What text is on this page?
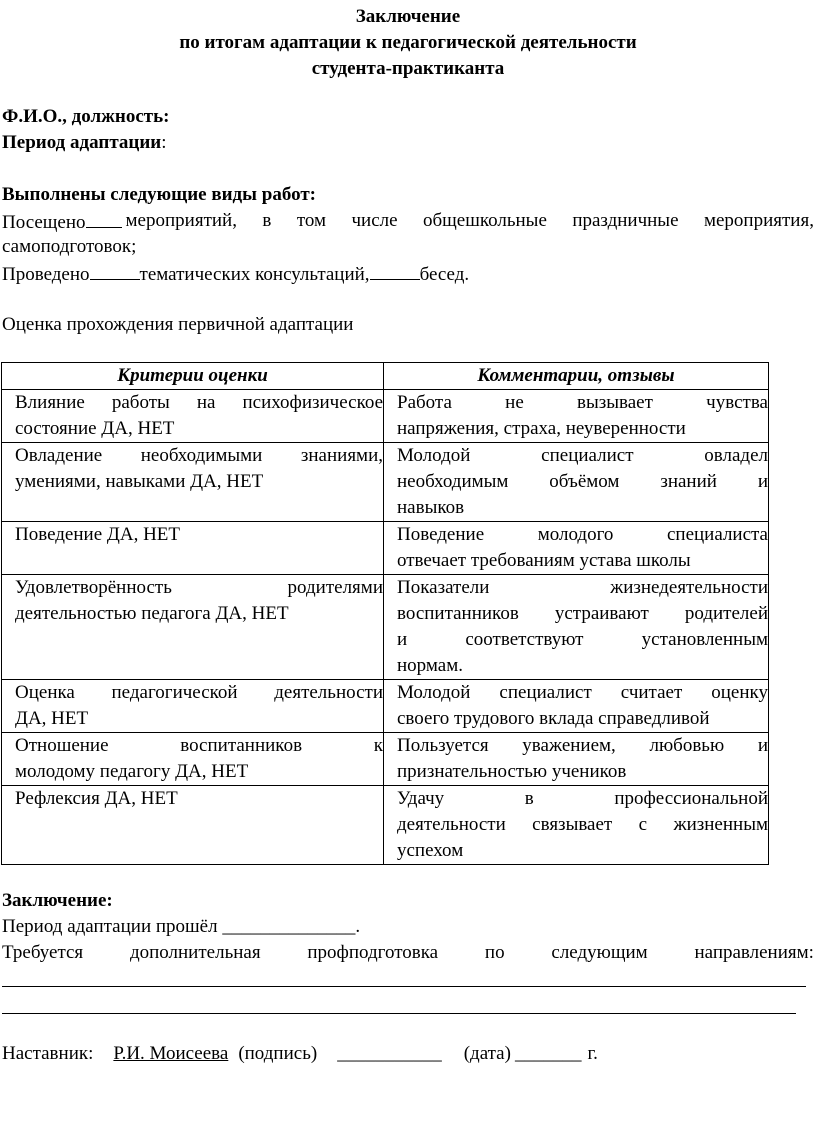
Заключение
по итогам адаптации к педагогической деятельности
студента-практиканта
Ф.И.О., должность:
Период адаптации:
Выполнены следующие виды работ:
Посещено	мероприятий, в том числе общешкольные праздничные мероприятия,
самоподготовок;
Проведено	тематических консультаций,	бесед.
Оценка прохождения первичной адаптации
Критерии оценки	Комментарии, отзывы

Влияние работы на психофизическое
состояние ДА, НЕТ	Работа не вызывает чувства
напряжения, страха, неуверенности

Овладение необходимыми знаниями,
умениями, навыками ДА, НЕТ	Молодой специалист овладел
необходимым объёмом знаний и
навыков

Поведение ДА, НЕТ	Поведение молодого специалиста
отвечает требованиям устава школы

Удовлетворённость родителями
деятельностью педагога ДА, НЕТ	Показатели жизнедеятельности
воспитанников устраивают родителей
и соответствуют установленным
нормам.

Оценка педагогической деятельности
ДА, НЕТ	Молодой специалист считает оценку
своего трудового вклада справедливой

Отношение воспитанников к
молодому педагогу ДА, НЕТ	Пользуется уважением, любовью и
признательностью учеников

Рефлексия ДА, НЕТ	Удачу в профессиональной
деятельности связывает с жизненным
успехом
Заключение:
Период адаптации прошёл ______________.
Требуется дополнительная профподготовка по следующим направлениям:
Наставник: Р.И. Моисеева (подпись) ___________ (дата) _______ г.
